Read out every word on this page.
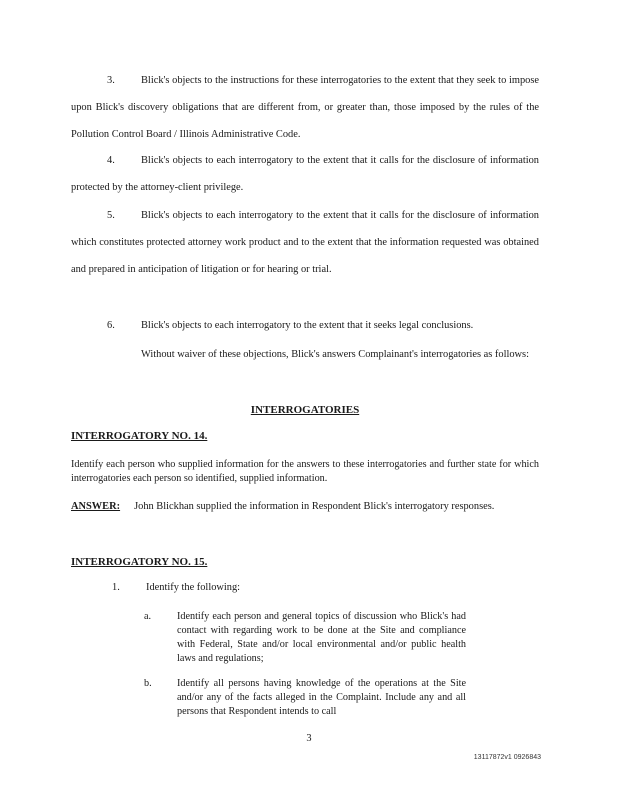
3.	Blick's objects to the instructions for these interrogatories to the extent that they seek to impose upon Blick's discovery obligations that are different from, or greater than, those imposed by the rules of the Pollution Control Board / Illinois Administrative Code.
4.	Blick's objects to each interrogatory to the extent that it calls for the disclosure of information protected by the attorney-client privilege.
5.	Blick's objects to each interrogatory to the extent that it calls for the disclosure of information which constitutes protected attorney work product and to the extent that the information requested was obtained and prepared in anticipation of litigation or for hearing or trial.
6.	Blick's objects to each interrogatory to the extent that it seeks legal conclusions.
Without waiver of these objections, Blick's answers Complainant's interrogatories as follows:
INTERROGATORIES
INTERROGATORY NO. 14.
Identify each person who supplied information for the answers to these interrogatories and further state for which interrogatories each person so identified, supplied information.
ANSWER: John Blickhan supplied the information in Respondent Blick's interrogatory responses.
INTERROGATORY NO. 15.
1.	Identify the following:
a.	Identify each person and general topics of discussion who Blick's had contact with regarding work to be done at the Site and compliance with Federal, State and/or local environmental and/or public health laws and regulations;
b. Identify all persons having knowledge of the operations at the Site and/or any of the facts alleged in the Complaint. Include any and all persons that Respondent intends to call
3
13117872v1 0926843
